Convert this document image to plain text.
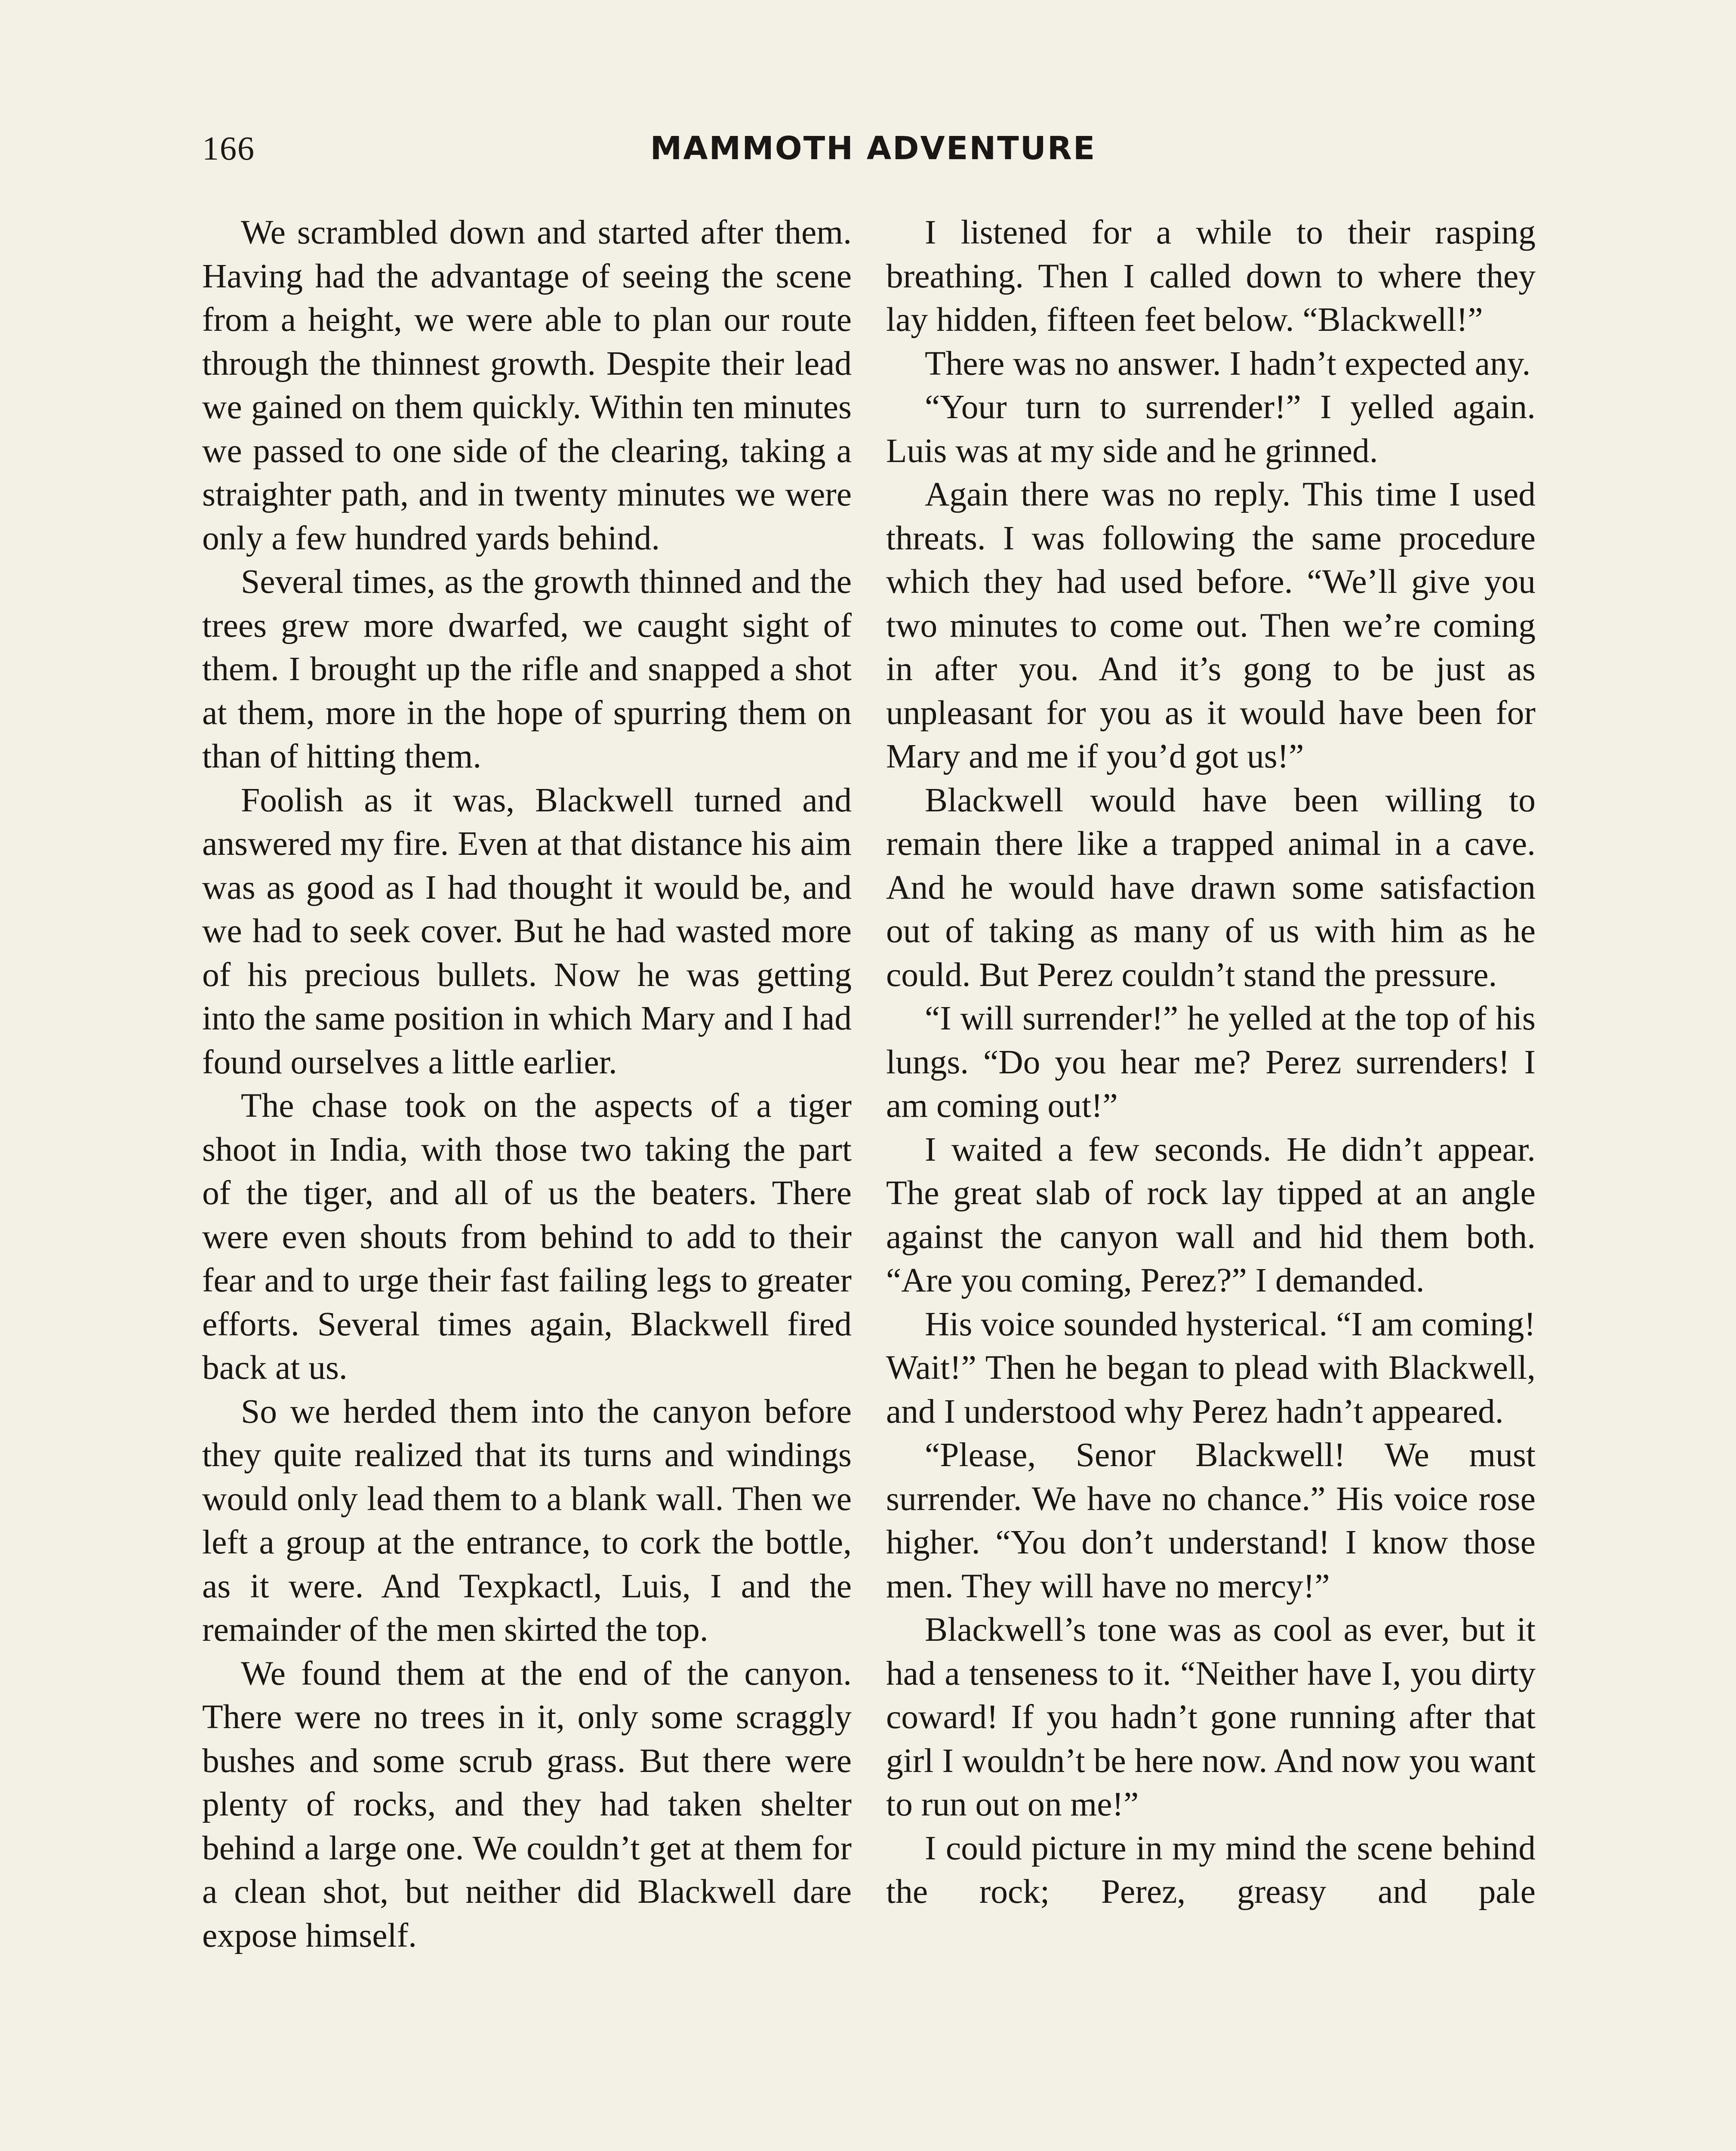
166	MAMMOTH ADVENTURE

We scrambled down and started after them. Having had the advantage of seeing the scene from a height, we were able to plan our route through the thinnest growth. Despite their lead we gained on them quickly. Within ten minutes we passed to one side of the clearing, taking a straighter path, and in twenty minutes we were only a few hundred yards behind.

Several times, as the growth thinned and the trees grew more dwarfed, we caught sight of them. I brought up the rifle and snapped a shot at them, more in the hope of spurring them on than of hitting them.

Foolish as it was, Blackwell turned and answered my fire. Even at that distance his aim was as good as I had thought it would be, and we had to seek cover. But he had wasted more of his precious bullets. Now he was getting into the same position in which Mary and I had found ourselves a little earlier.

The chase took on the aspects of a tiger shoot in India, with those two taking the part of the tiger, and all of us the beaters. There were even shouts from behind to add to their fear and to urge their fast failing legs to greater efforts. Several times again, Blackwell fired back at us.

So we herded them into the canyon before they quite realized that its turns and windings would only lead them to a blank wall. Then we left a group at the entrance, to cork the bottle, as it were. And Texpkactl, Luis, I and the remainder of the men skirted the top.

We found them at the end of the canyon. There were no trees in it, only some scraggly bushes and some scrub grass. But there were plenty of rocks, and they had taken shelter behind a large one. We couldn’t get at them for a clean shot, but neither did Blackwell dare expose himself.

I listened for a while to their rasping breathing. Then I called down to where they lay hidden, fifteen feet below. “Blackwell!”

There was no answer. I hadn’t expected any.

“Your turn to surrender!” I yelled again. Luis was at my side and he grinned.

Again there was no reply. This time I used threats. I was following the same procedure which they had used before. “We’ll give you two minutes to come out. Then we’re coming in after you. And it’s gong to be just as unpleasant for you as it would have been for Mary and me if you’d got us!”

Blackwell would have been willing to remain there like a trapped animal in a cave. And he would have drawn some satisfaction out of taking as many of us with him as he could. But Perez couldn’t stand the pressure.

“I will surrender!” he yelled at the top of his lungs. “Do you hear me? Perez surrenders! I am coming out!”

I waited a few seconds. He didn’t appear. The great slab of rock lay tipped at an angle against the canyon wall and hid them both. “Are you coming, Perez?” I demanded.

His voice sounded hysterical. “I am coming! Wait!” Then he began to plead with Blackwell, and I understood why Perez hadn’t appeared.

“Please, Senor Blackwell! We must surrender. We have no chance.” His voice rose higher. “You don’t understand! I know those men. They will have no mercy!”

Blackwell’s tone was as cool as ever, but it had a tenseness to it. “Neither have I, you dirty coward! If you hadn’t gone running after that girl I wouldn’t be here now. And now you want to run out on me!”

I could picture in my mind the scene behind the rock; Perez, greasy and pale
